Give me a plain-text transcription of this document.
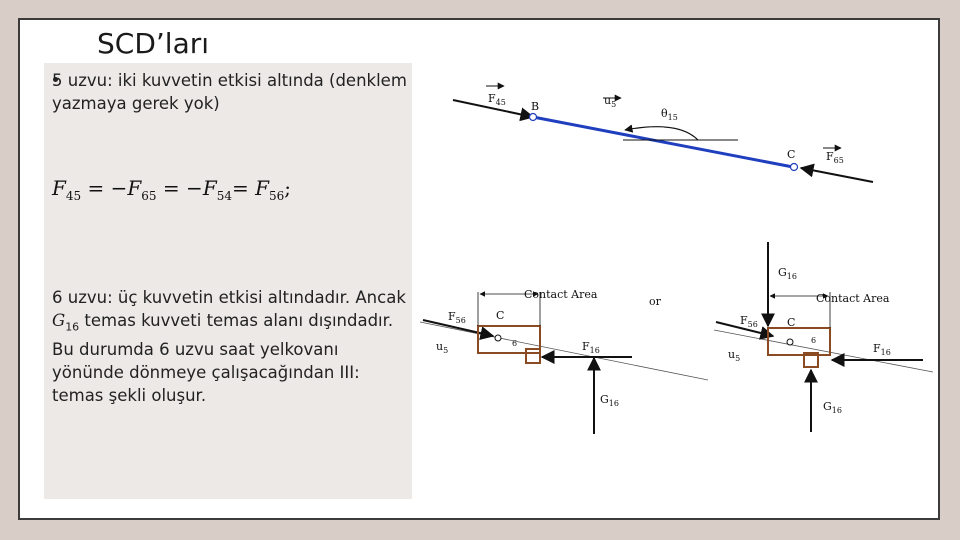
SCD’ları
5 uzvu: iki kuvvetin etkisi altında (denklem yazmaya gerek yok)
$F_{45} = -F_{65} = -F_{54}= F_{56}$;
6 uzvu: üç kuvvetin etkisi altındadır. Ancak $G_{16}$ temas kuvveti temas alanı dışındadır. Bu durumda 6 uzvu saat yelkovanı yönünde dönmeye çalışacağından III: temas şekli oluşur.
$F_{45}$ B	$u_5$
$\theta_{15}$
C	$F_{65}$
Contact Area
$F_{56}$	C
6
$u_5$	$F_{16}$
$G_{16}$
or	Contact Area
$G_{16}$
$F_{56}$	C
6
$u_5$
$F_{16}$
$G_{16}$
